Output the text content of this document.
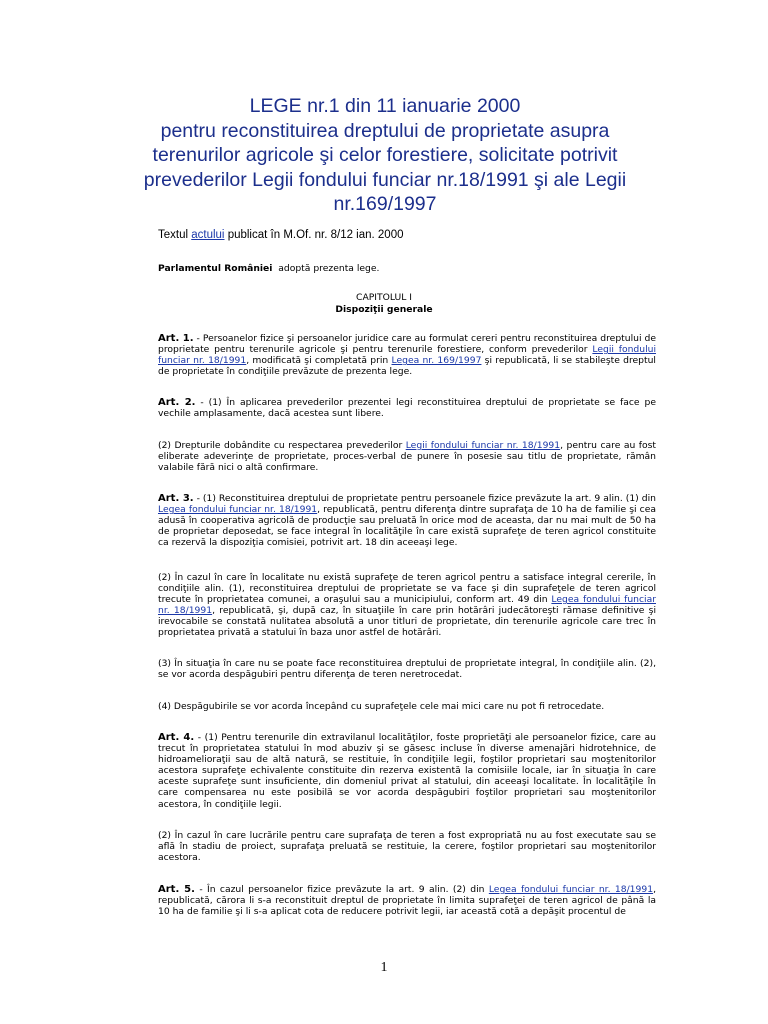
LEGE nr.1 din 11 ianuarie 2000
pentru reconstituirea dreptului de proprietate asupra
terenurilor agricole şi celor forestiere, solicitate potrivit
prevederilor Legii fondului funciar nr.18/1991 şi ale Legii
nr.169/1997
Textul actului publicat în M.Of. nr. 8/12 ian. 2000
Parlamentul României  adoptă prezenta lege.
CAPITOLUL I
Dispoziţii generale

Art. 1. - Persoanelor fizice şi persoanelor juridice care au formulat cereri pentru reconstituirea dreptului de proprietate pentru terenurile agricole şi pentru terenurile forestiere, conform prevederilor Legii fondului funciar nr. 18/1991, modificată şi completată prin Legea nr. 169/1997 şi republicată, li se stabileşte dreptul de proprietate în condiţiile prevăzute de prezenta lege.

Art. 2. - (1) În aplicarea prevederilor prezentei legi reconstituirea dreptului de proprietate se face pe vechile amplasamente, dacă acestea sunt libere.

(2) Drepturile dobândite cu respectarea prevederilor Legii fondului funciar nr. 18/1991, pentru care au fost eliberate adeverinţe de proprietate, proces-verbal de punere în posesie sau titlu de proprietate, rămân valabile fără nici o altă confirmare.

Art. 3. - (1) Reconstituirea dreptului de proprietate pentru persoanele fizice prevăzute la art. 9 alin. (1) din Legea fondului funciar nr. 18/1991, republicată, pentru diferenţa dintre suprafaţa de 10 ha de familie şi cea adusă în cooperativa agricolă de producţie sau preluată în orice mod de aceasta, dar nu mai mult de 50 ha de proprietar deposedat, se face integral în localităţile în care există suprafeţe de teren agricol constituite ca rezervă la dispoziţia comisiei, potrivit art. 18 din aceeaşi lege.

(2) În cazul în care în localitate nu există suprafeţe de teren agricol pentru a satisface integral cererile, în condiţiile alin. (1), reconstituirea dreptului de proprietate se va face şi din suprafeţele de teren agricol trecute în proprietatea comunei, a oraşului sau a municipiului, conform art. 49 din Legea fondului funciar nr. 18/1991, republicată, şi, după caz, în situaţiile în care prin hotărâri judecătoreşti rămase definitive şi irevocabile se constată nulitatea absolută a unor titluri de proprietate, din terenurile agricole care trec în proprietatea privată a statului în baza unor astfel de hotărâri.

(3) În situaţia în care nu se poate face reconstituirea dreptului de proprietate integral, în condiţiile alin. (2), se vor acorda despăgubiri pentru diferenţa de teren neretrocedat.

(4) Despăgubirile se vor acorda începând cu suprafeţele cele mai mici care nu pot fi retrocedate.

Art. 4. - (1) Pentru terenurile din extravilanul localităţilor, foste proprietăţi ale persoanelor fizice, care au trecut în proprietatea statului în mod abuziv şi se găsesc incluse în diverse amenajări hidrotehnice, de hidroamelioraţii sau de altă natură, se restituie, în condiţiile legii, foştilor proprietari sau moştenitorilor acestora suprafeţe echivalente constituite din rezerva existentă la comisiile locale, iar în situaţia în care aceste suprafeţe sunt insuficiente, din domeniul privat al statului, din aceeaşi localitate. În localităţile în care compensarea nu este posibilă se vor acorda despăgubiri foştilor proprietari sau moştenitorilor acestora, în condiţiile legii.

(2) În cazul în care lucrările pentru care suprafaţa de teren a fost expropriată nu au fost executate sau se află în stadiu de proiect, suprafaţa preluată se restituie, la cerere, foştilor proprietari sau moştenitorilor acestora.

Art. 5. - În cazul persoanelor fizice prevăzute la art. 9 alin. (2) din Legea fondului funciar nr. 18/1991, republicată, cărora li s-a reconstituit dreptul de proprietate în limita suprafeţei de teren agricol de până la 10 ha de familie şi li s-a aplicat cota de reducere potrivit legii, iar această cotă a depăşit procentul de

1
